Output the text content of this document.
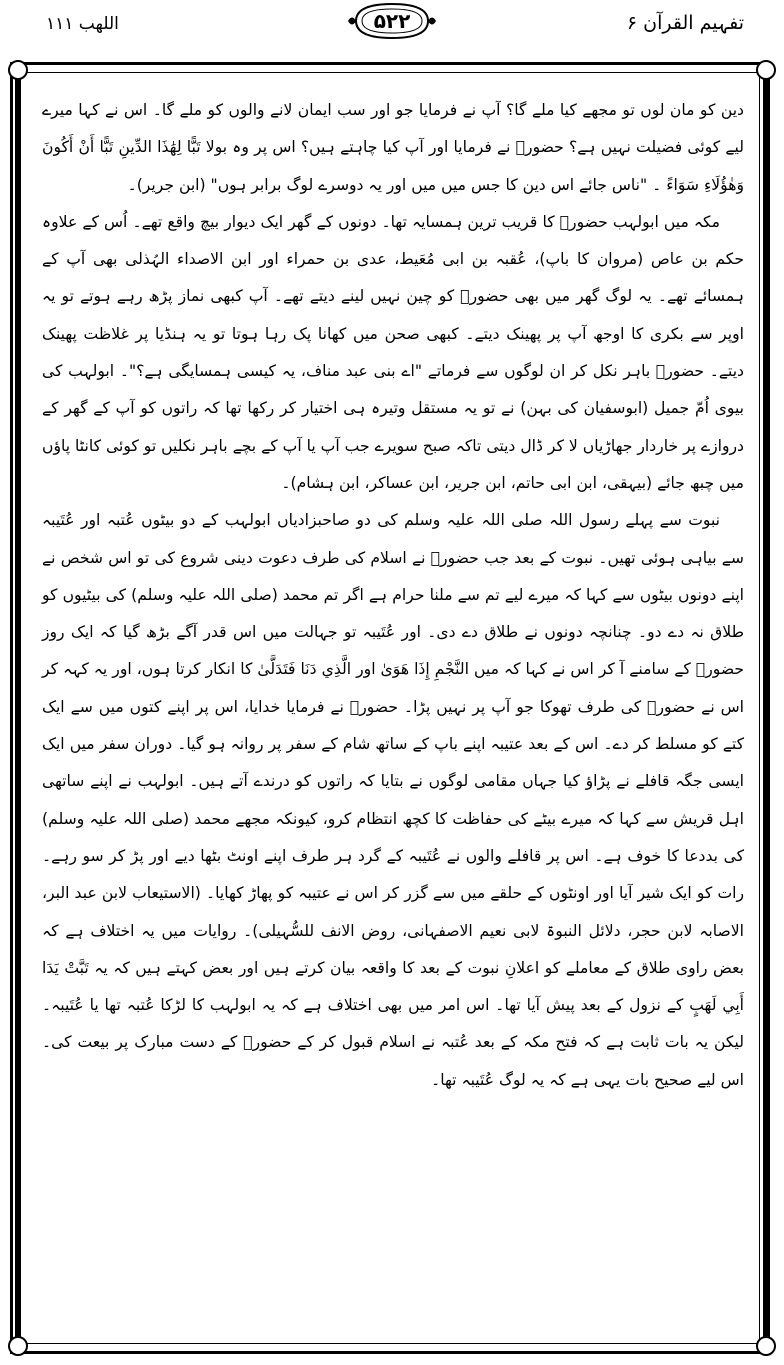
اللھب ۱۱۱	۵۲۲	تفہیم القرآن ۶

دین کو مان لوں تو مجھے کیا ملے گا؟ آپ نے فرمایا جو اور سب ایمان لانے والوں کو ملے گا۔ اس نے کہا میرے لیے کوئی فضیلت نہیں ہے؟ حضورؐ نے فرمایا اور آپ کیا چاہتے ہیں؟ اس پر وہ بولا تَبًّا لِهَٰذَا الدِّينِ تَبًّا أَنْ أَكُونَ وَهٰؤُلَاءِ سَوَاءً ۔ "ناس جائے اس دین کا جس میں میں اور یہ دوسرے لوگ برابر ہوں" (ابن جریر)۔

مکہ میں ابولہب حضورؐ کا قریب ترین ہمسایہ تھا۔ دونوں کے گھر ایک دیوار بیچ واقع تھے۔ اُس کے علاوہ حکم بن عاص (مروان کا باپ)، عُقبہ بن ابی مُعَیط، عدی بن حمراء اور ابن الاصداء الہُذلی بھی آپ کے ہمسائے تھے۔ یہ لوگ گھر میں بھی حضورؐ کو چین نہیں لینے دیتے تھے۔ آپ کبھی نماز پڑھ رہے ہوتے تو یہ اوپر سے بکری کا اوجھ آپ پر پھینک دیتے۔ کبھی صحن میں کھانا پک رہا ہوتا تو یہ ہنڈیا پر غلاظت پھینک دیتے۔ حضورؐ باہر نکل کر ان لوگوں سے فرماتے "اے بنی عبد مناف، یہ کیسی ہمسایگی ہے؟"۔ ابولہب کی بیوی اُمّ جمیل (ابوسفیان کی بہن) نے تو یہ مستقل وتیرہ ہی اختیار کر رکھا تھا کہ راتوں کو آپ کے گھر کے دروازے پر خاردار جھاڑیاں لا کر ڈال دیتی تاکہ صبح سویرے جب آپ یا آپ کے بچے باہر نکلیں تو کوئی کانٹا پاؤں میں چبھ جائے (بیہقی، ابن ابی حاتم، ابن جریر، ابن عساکر، ابن ہشام)۔

نبوت سے پہلے رسول اللہ صلی اللہ علیہ وسلم کی دو صاحبزادیاں ابولہب کے دو بیٹوں عُتبہ اور عُتَیبہ سے بیاہی ہوئی تھیں۔ نبوت کے بعد جب حضورؐ نے اسلام کی طرف دعوت دینی شروع کی تو اس شخص نے اپنے دونوں بیٹوں سے کہا کہ میرے لیے تم سے ملنا حرام ہے اگر تم محمد (صلی اللہ علیہ وسلم) کی بیٹیوں کو طلاق نہ دے دو۔ چنانچہ دونوں نے طلاق دے دی۔ اور عُتَیبہ تو جہالت میں اس قدر آگے بڑھ گیا کہ ایک روز حضورؐ کے سامنے آ کر اس نے کہا کہ میں النَّجْمِ إِذَا هَوَىٰ اور الَّذِي دَنَا فَتَدَلَّىٰ کا انکار کرتا ہوں، اور یہ کہہ کر اس نے حضورؐ کی طرف تھوکا جو آپ پر نہیں پڑا۔ حضورؐ نے فرمایا خدایا، اس پر اپنے کتوں میں سے ایک کتے کو مسلط کر دے۔ اس کے بعد عتیبہ اپنے باپ کے ساتھ شام کے سفر پر روانہ ہو گیا۔ دوران سفر میں ایک ایسی جگہ قافلے نے پڑاؤ کیا جہاں مقامی لوگوں نے بتایا کہ راتوں کو درندے آتے ہیں۔ ابولہب نے اپنے ساتھی اہل قریش سے کہا کہ میرے بیٹے کی حفاظت کا کچھ انتظام کرو، کیونکہ مجھے محمد (صلی اللہ علیہ وسلم) کی بددعا کا خوف ہے۔ اس پر قافلے والوں نے عُتَیبہ کے گرد ہر طرف اپنے اونٹ بٹھا دیے اور پڑ کر سو رہے۔ رات کو ایک شیر آیا اور اونٹوں کے حلقے میں سے گزر کر اس نے عتیبہ کو پھاڑ کھایا۔ (الاستیعاب لابن عبد البر، الاصابہ لابن حجر، دلائل النبوۃ لابی نعیم الاصفہانی، روض الانف للسُّہیلی)۔ روایات میں یہ اختلاف ہے کہ بعض راوی طلاق کے معاملے کو اعلانِ نبوت کے بعد کا واقعہ بیان کرتے ہیں اور بعض کہتے ہیں کہ یہ تَبَّتْ يَدَا أَبِي لَهَبٍ کے نزول کے بعد پیش آیا تھا۔ اس امر میں بھی اختلاف ہے کہ یہ ابولہب کا لڑکا عُتبہ تھا یا عُتَیبہ۔ لیکن یہ بات ثابت ہے کہ فتح مکہ کے بعد عُتبہ نے اسلام قبول کر کے حضورؐ کے دست مبارک پر بیعت کی۔ اس لیے صحیح بات یہی ہے کہ یہ لوگ عُتَیبہ تھا۔
